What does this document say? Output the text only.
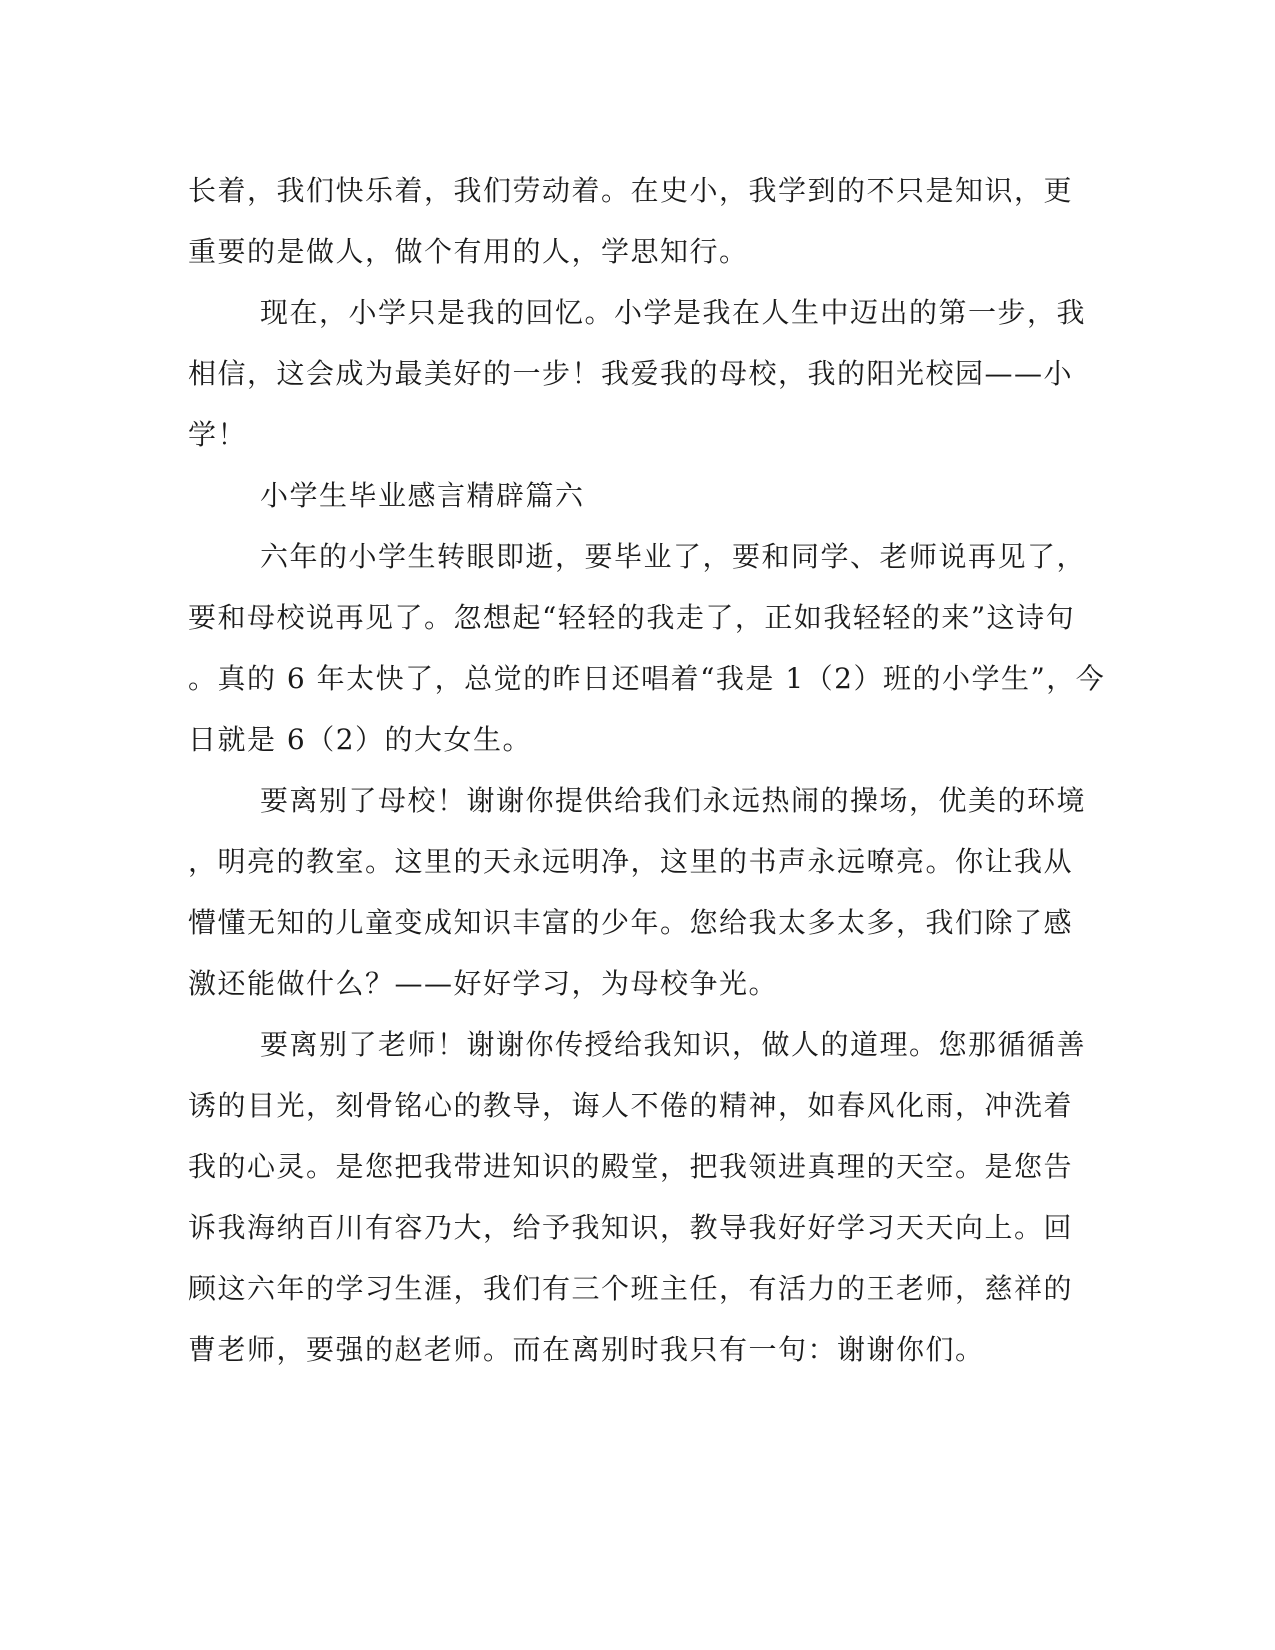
长着，我们快乐着，我们劳动着。在史小，我学到的不只是知识，更
重要的是做人，做个有用的人，学思知行。

现在，小学只是我的回忆。小学是我在人生中迈出的第一步，我
相信，这会成为最美好的一步！我爱我的母校，我的阳光校园——小
学！

小学生毕业感言精辟篇六

六年的小学生转眼即逝，要毕业了，要和同学、老师说再见了，
要和母校说再见了。忽想起“轻轻的我走了，正如我轻轻的来”这诗句
。真的 6 年太快了，总觉的昨日还唱着“我是 1（2）班的小学生”，今
日就是 6（2）的大女生。

要离别了母校！谢谢你提供给我们永远热闹的操场，优美的环境
，明亮的教室。这里的天永远明净，这里的书声永远嘹亮。你让我从
懵懂无知的儿童变成知识丰富的少年。您给我太多太多，我们除了感
激还能做什么？——好好学习，为母校争光。

要离别了老师！谢谢你传授给我知识，做人的道理。您那循循善
诱的目光，刻骨铭心的教导，诲人不倦的精神，如春风化雨，冲洗着
我的心灵。是您把我带进知识的殿堂，把我领进真理的天空。是您告
诉我海纳百川有容乃大，给予我知识，教导我好好学习天天向上。回
顾这六年的学习生涯，我们有三个班主任，有活力的王老师，慈祥的
曹老师，要强的赵老师。而在离别时我只有一句：谢谢你们。
